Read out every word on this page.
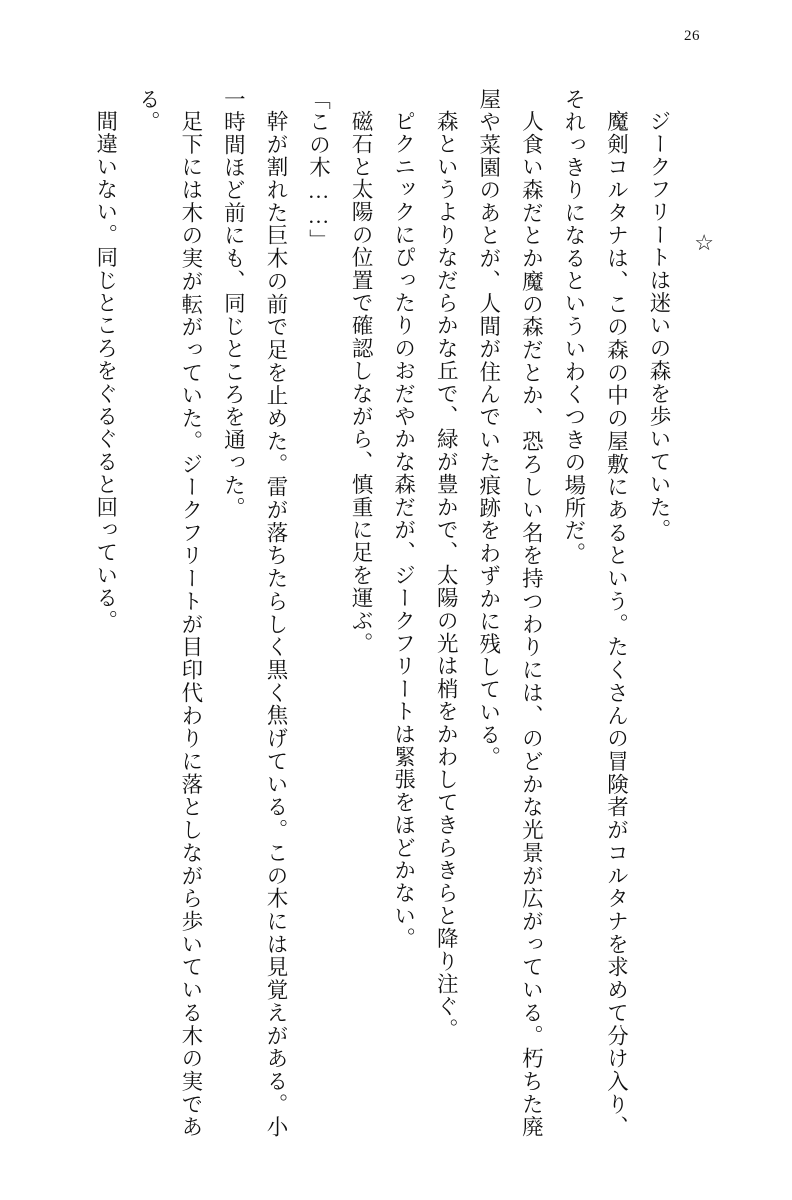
26
☆

ジークフリートは迷いの森を歩いていた。

魔剣コルタナは、この森の中の屋敷にあるという。たくさんの冒険者がコルタナを求めて分け入り、それっきりになるといういわくつきの場所だ。

人食い森だとか魔の森だとか、恐ろしい名を持つわりには、のどかな光景が広がっている。朽ちた廃屋や菜園のあとが、人間が住んでいた痕跡をわずかに残している。

森というよりなだらかな丘で、緑が豊かで、太陽の光は梢をかわしてきらきらと降り注ぐ。

ピクニックにぴったりのおだやかな森だが、ジークフリートは緊張をほどかない。

磁石と太陽の位置で確認しながら、慎重に足を運ぶ。

「この木……」

幹が割れた巨木の前で足を止めた。雷が落ちたらしく黒く焦げている。この木には見覚えがある。小一時間ほど前にも、同じところを通った。

足下には木の実が転がっていた。ジークフリートが目印代わりに落としながら歩いている木の実である。

間違いない。同じところをぐるぐると回っている。
